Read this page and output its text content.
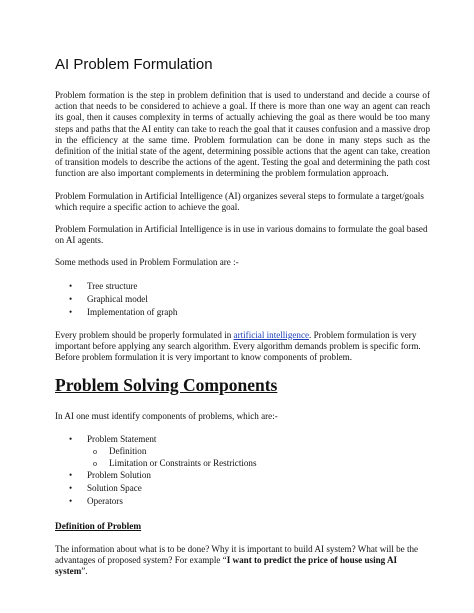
AI Problem Formulation

Problem formation is the step in problem definition that is used to understand and decide a course of action that needs to be considered to achieve a goal. If there is more than one way an agent can reach its goal, then it causes complexity in terms of actually achieving the goal as there would be too many steps and paths that the AI entity can take to reach the goal that it causes confusion and a massive drop in the efficiency at the same time. Problem formulation can be done in many steps such as the definition of the initial state of the agent, determining possible actions that the agent can take, creation of transition models to describe the actions of the agent. Testing the goal and determining the path cost function are also important complements in determining the problem formulation approach.

Problem Formulation in Artificial Intelligence (AI) organizes several steps to formulate a target/goals which require a specific action to achieve the goal.

Problem Formulation in Artificial Intelligence is in use in various domains to formulate the goal based on AI agents.

Some methods used in Problem Formulation are :-

• Tree structure
• Graphical model
• Implementation of graph

Every problem should be properly formulated in artificial intelligence. Problem formulation is very important before applying any search algorithm. Every algorithm demands problem is specific form. Before problem formulation it is very important to know components of problem.

Problem Solving Components

In AI one must identify components of problems, which are:-

• Problem Statement
o Definition
o Limitation or Constraints or Restrictions
• Problem Solution
• Solution Space
• Operators
Definition of Problem

The information about what is to be done? Why it is important to build AI system? What will be the advantages of proposed system? For example “I want to predict the price of house using AI system”.
